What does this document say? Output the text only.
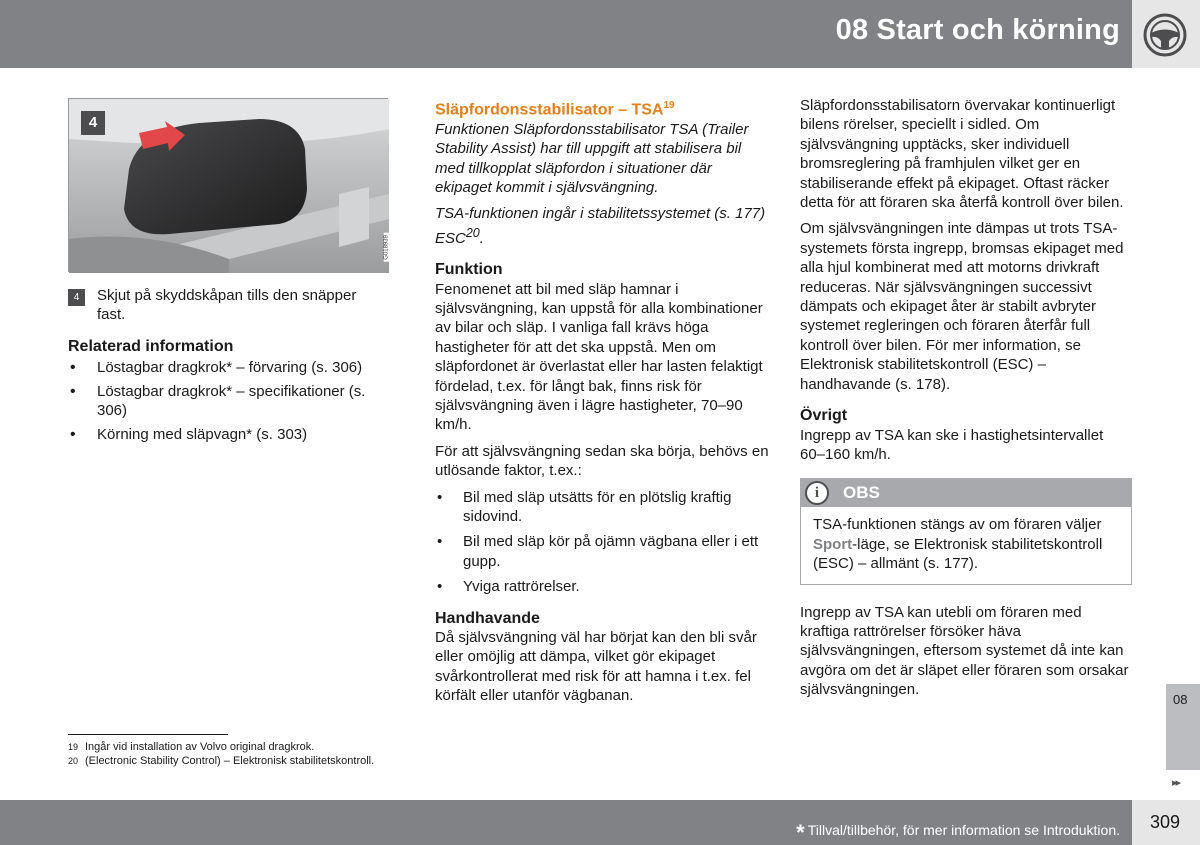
08 Start och körning
4
G018939
4	Skjut på skyddskåpan tills den snäpper fast.
Relaterad information
• Löstagbar dragkrok* – förvaring (s. 306)
• Löstagbar dragkrok* – specifikationer (s. 306)
• Körning med släpvagn* (s. 303)
Släpfordonsstabilisator – TSA$^{19}$

Funktionen Släpfordonsstabilisator TSA (Trailer Stability Assist) har till uppgift att stabilisera bil med tillkopplat släpfordon i situationer där ekipaget kommit i självsvängning.

TSA-funktionen ingår i stabilitetssystemet (s. 177) ESC$^{20}$.

Funktion

Fenomenet att bil med släp hamnar i självsvängning, kan uppstå för alla kombinationer av bilar och släp. I vanliga fall krävs höga hastigheter för att det ska uppstå. Men om släpfordonet är överlastat eller har lasten felaktigt fördelad, t.ex. för långt bak, finns risk för självsvängning även i lägre hastigheter, 70–90 km/h.

För att självsvängning sedan ska börja, behövs en utlösande faktor, t.ex.:

• Bil med släp utsätts för en plötslig kraftig sidovind.
• Bil med släp kör på ojämn vägbana eller i ett gupp.
• Yviga rattrörelser.
Handhavande

Då självsvängning väl har börjat kan den bli svår eller omöjlig att dämpa, vilket gör ekipaget svårkontrollerat med risk för att hamna i t.ex. fel körfält eller utanför vägbanan.

Släpfordonsstabilisatorn övervakar kontinuerligt bilens rörelser, speciellt i sidled. Om självsvängning upptäcks, sker individuell bromsreglering på framhjulen vilket ger en stabiliserande effekt på ekipaget. Oftast räcker detta för att föraren ska återfå kontroll över bilen.

Om självsvängningen inte dämpas ut trots TSA-systemets första ingrepp, bromsas ekipaget med alla hjul kombinerat med att motorns drivkraft reduceras. När självsvängningen successivt dämpats och ekipaget åter är stabilt avbryter systemet regleringen och föraren återfår full kontroll över bilen. För mer information, se Elektronisk stabilitetskontroll (ESC) – handhavande (s. 178).

Övrigt

Ingrepp av TSA kan ske i hastighetsintervallet 60–160 km/h.

i	OBS
TSA-funktionen stängs av om föraren väljer Sport-läge, se Elektronisk stabilitetskontroll (ESC) – allmänt (s. 177).

Ingrepp av TSA kan utebli om föraren med kraftiga rattrörelser försöker häva självsvängningen, eftersom systemet då inte kan avgöra om det är släpet eller föraren som orsakar självsvängningen.

19 Ingår vid installation av Volvo original dragkrok.
20 (Electronic Stability Control) – Elektronisk stabilitetskontroll.
08
▸▸
* Tillval/tillbehör, för mer information se Introduktion. 309
